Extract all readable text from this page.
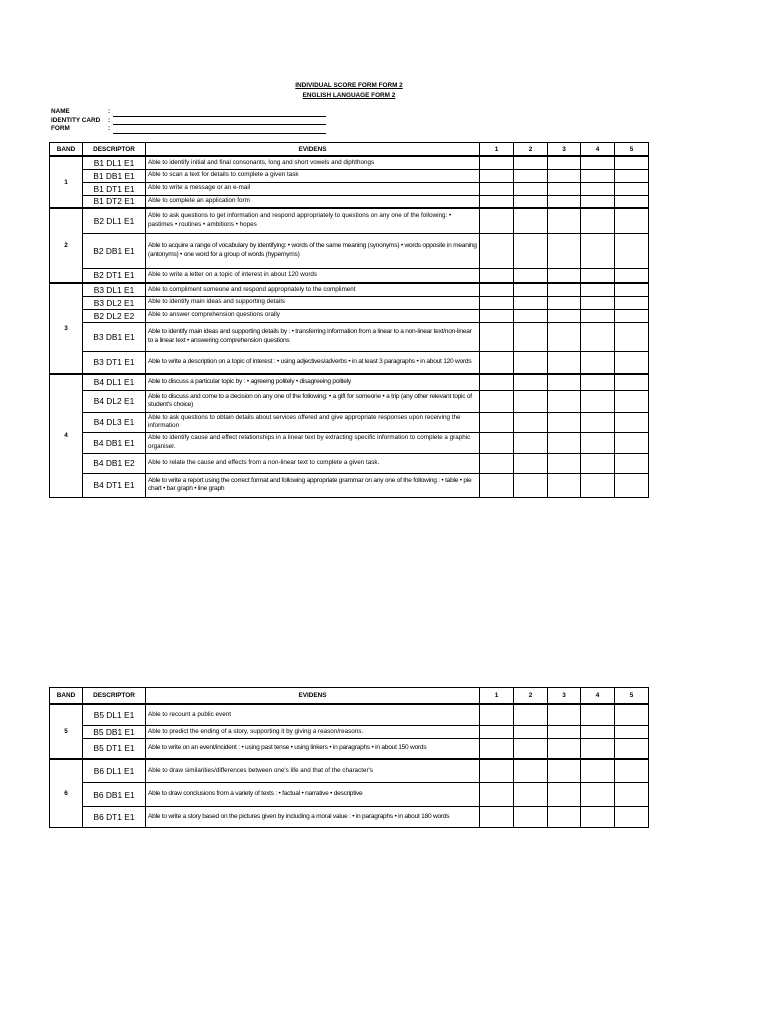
INDIVIDUAL SCORE FORM FORM 2
ENGLISH LANGUAGE FORM 2
NAME	:
IDENTITY CARD	:
FORM	:
BAND	DESCRIPTOR	EVIDENS	1	2	3	4	5
1	B1 DL1 E1	Able to identify initial and final consonants, long and short vowels and diphthongs					
	B1 DB1 E1	Able to scan a text for details to complete a given task					
	B1 DT1 E1	Able to write a message or an e-mail					
	B1 DT2 E1	Able to complete an application form					
2	B2 DL1 E1	Able to ask questions to get information and respond appropriately to questions on any one of the following: • pastimes • routines • ambitions • hopes					
	B2 DB1 E1	Able to acquire a range of vocabulary by identifying: • words of the same meaning (synonyms) • words opposite in meaning (antonyms) • one word for a group of words (hypernyms)					
	B2 DT1 E1	Able to write a letter on a topic of interest in about 120 words					
3	B3 DL1 E1	Able to compliment someone and respond appropriately to the compliment					
	B3 DL2 E1	Able to identify main ideas and supporting details					
	B2 DL2 E2	Able to answer comprehension questions orally					
	B3 DB1 E1	Able to identify main ideas and supporting details by : • transferring information from a linear to a non-linear text/non-linear to a linear text • answering comprehension questions					
	B3 DT1 E1	Able to write a description on a topic of interest : • using adjectives/adverbs • in at least 3 paragraphs • in about 120 words					
4	B4 DL1 E1	Able to discuss a particular topic by : • agreeing politely • disagreeing politely					
	B4 DL2 E1	Able to discuss and come to a decision on any one of the following: • a gift for someone • a trip (any other relevant topic of student's choice)					
	B4 DL3 E1	Able to ask questions to obtain details about services offered and give appropriate responses upon receiving the information					
	B4 DB1 E1	Able to identify cause and effect relationships in a linear text by extracting specific information to complete a graphic organiser.					
	B4 DB1 E2	Able to relate the cause and effects from a non-linear text to complete a given task.					
	B4 DT1 E1	Able to write a report using the correct format and following appropriate grammar on any one of the following : • table • pie chart • bar graph • line graph					
BAND	DESCRIPTOR	EVIDENS	1	2	3	4	5
5	B5 DL1 E1	Able to recount a public event					
	B5 DB1 E1	Able to predict the ending of a story, supporting it by giving a reason/reasons.					
	B5 DT1 E1	Able to write on an event/incident : • using past tense • using linkers • in paragraphs • in about 150 words					
6	B6 DL1 E1	Able to draw similarities/differences between one's life and that of the character's					
	B6 DB1 E1	Able to draw conclusions from a variety of texts : • factual • narrative • descriptive					
	B6 DT1 E1	Able to write a story based on the pictures given by including a moral value : • in paragraphs • in about 180 words					
